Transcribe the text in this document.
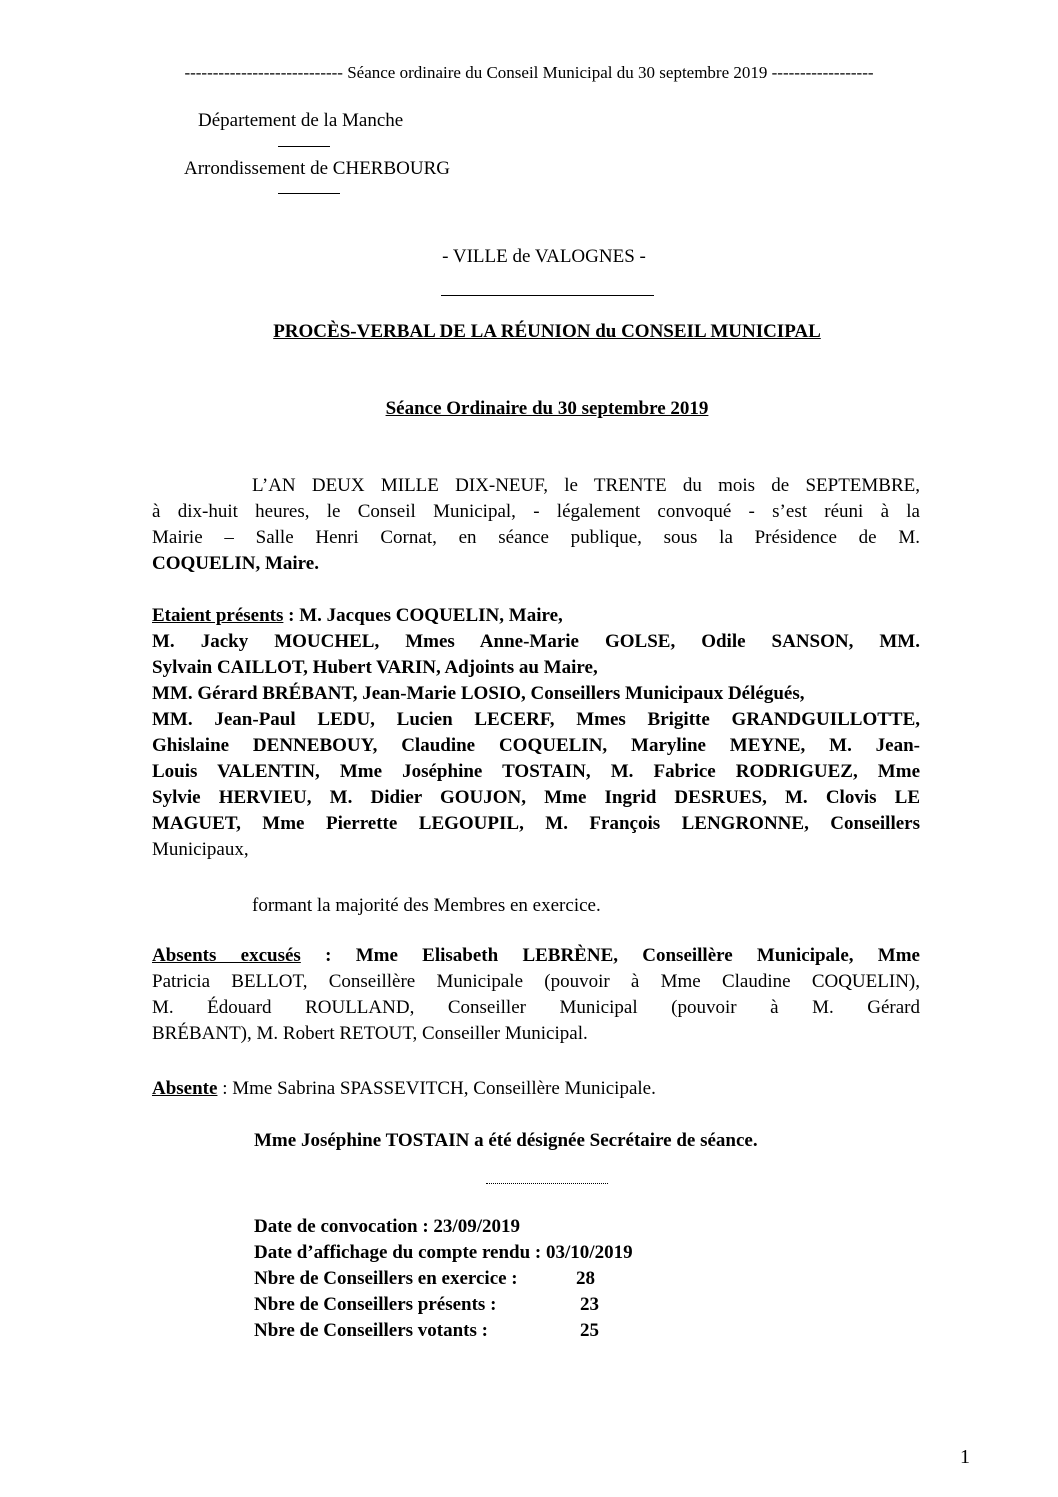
---------------------------- Séance ordinaire du Conseil Municipal du 30 septembre 2019 ------------------
Département de la Manche
Arrondissement de CHERBOURG
- VILLE de VALOGNES -
PROCÈS-VERBAL DE LA RÉUNION du CONSEIL MUNICIPAL
Séance Ordinaire du 30 septembre 2019
L’AN DEUX MILLE DIX-NEUF, le TRENTE du mois de SEPTEMBRE,
à dix-huit heures, le Conseil Municipal, - légalement convoqué - s’est réuni à la
Mairie – Salle Henri Cornat, en séance publique, sous la Présidence de M.
COQUELIN, Maire.
Etaient présents : M. Jacques COQUELIN, Maire,
M. Jacky MOUCHEL, Mmes Anne-Marie GOLSE, Odile SANSON, MM.
Sylvain CAILLOT, Hubert VARIN, Adjoints au Maire,
MM. Gérard BRÉBANT, Jean-Marie LOSIO, Conseillers Municipaux Délégués,
MM. Jean-Paul LEDU, Lucien LECERF, Mmes Brigitte GRANDGUILLOTTE,
Ghislaine DENNEBOUY, Claudine COQUELIN, Maryline MEYNE, M. Jean-
Louis VALENTIN, Mme Joséphine TOSTAIN, M. Fabrice RODRIGUEZ, Mme
Sylvie HERVIEU, M. Didier GOUJON, Mme Ingrid DESRUES, M. Clovis LE
MAGUET, Mme Pierrette LEGOUPIL, M. François LENGRONNE, Conseillers
Municipaux,
formant la majorité des Membres en exercice.
Absents excusés : Mme Elisabeth LEBRÈNE, Conseillère Municipale, Mme
Patricia BELLOT, Conseillère Municipale (pouvoir à Mme Claudine COQUELIN),
M. Édouard ROULLAND, Conseiller Municipal (pouvoir à M. Gérard
BRÉBANT), M. Robert RETOUT, Conseiller Municipal.
Absente : Mme Sabrina SPASSEVITCH, Conseillère Municipale.
Mme Joséphine TOSTAIN a été désignée Secrétaire de séance.
Date de convocation : 23/09/2019
Date d’affichage du compte rendu : 03/10/2019
Nbre de Conseillers en exercice :	28
Nbre de Conseillers présents :	23
Nbre de Conseillers votants :	25
1
